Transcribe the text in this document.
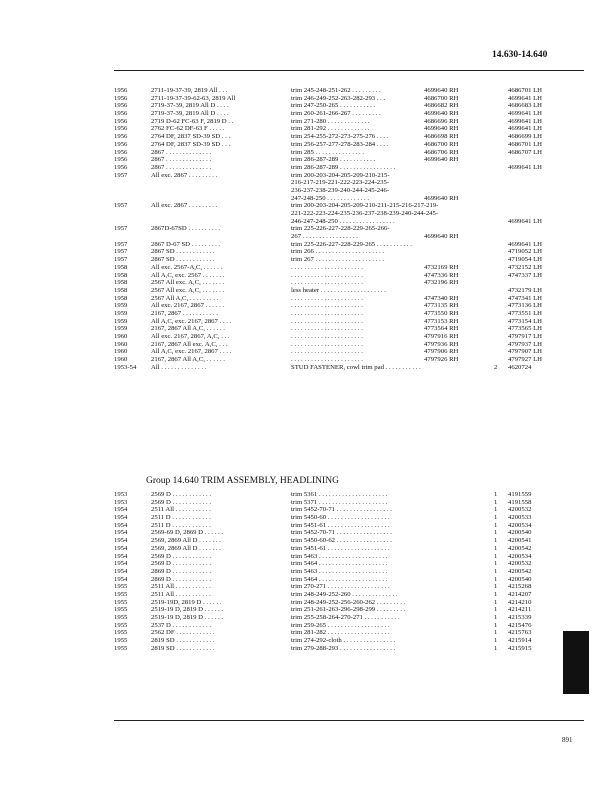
14.630-14.640
1956	2711-19-37-39, 2819 All . . .	trim 245-248-251-262 . . . . . . . . .	4699640 RH	4686701 LH
1956	2711-19-37-39-62-63, 2819 All	trim 246-249-252-263-282-293 . . .	4686700 RH	4699641 LH
1956	2719-37-39, 2819 All D . . . .	trim 247-250-265 . . . . . . . . . . .	4686682 RH	4686683 LH
1956	2719-37-39, 2819 All D . . . .	trim 260-261-266-267 . . . . . . . . .	4699640 RH	4699641 LH
1956	2719 D-62 FC-63 F, 2819 D . .	trim 271-280 . . . . . . . . . . . . .	4686696 RH	4699641 LH
1956	2762 FC-62 DF-63 F . . . . .	trim 281-292 . . . . . . . . . . . . .	4699640 RH	4699641 LH
1956	2764 DF, 2837 SD-39 SD . . .	trim 254-255-272-273-275-276 . . . .	4686698 RH	4686699 LH
1956	2764 DF, 2837 SD-39 SD . . .	trim 256-257-277-278-283-284 . . . .	4686700 RH	4686701 LH
1956	2867 . . . . . . . . . . . . . .	trim 285 . . . . . . . . . . . . . . .	4686706 RH	4686707 LH
1956	2867 . . . . . . . . . . . . . .	trim 286-287-289 . . . . . . . . . . .	4699640 RH
1956	2867 . . . . . . . . . . . . . .	trim 286-287-289 . . . . . . . . . . . . . . . . .	4699641 LH
1957	All exc. 2867 . . . . . . . . .	trim 200-203-204-205-209-210-215-
216-217-219-221-222-223-224-235-
236-237-238-239-240-244-245-246-
247-248-250 . . . . . . . . . . . . .	4699640 RH
1957	All exc. 2867 . . . . . . . . .	trim 200-203-204-205-209-210-211-215-216-217-219-
221-222-223-224-235-236-237-238-239-240-244-245-
246-247-248-250 . . . . . . . . . . . . . . . . .	4699641 LH
1957	2867D-67SD . . . . . . . . . .	trim 225-226-227-228-229-265-266-
267 . . . . . . . . . . . . . . . . .	4699640 RH
1957	2867 D-67 SD . . . . . . . . .	trim 225-226-227-228-229-265 . . . . . . . . . . .	4699641 LH
1957	2867 SD . . . . . . . . . . . .	trim 266 . . . . . . . . . . . . . . . . . . . . .	4719052 LH
1957	2867 SD . . . . . . . . . . . .	trim 267 . . . . . . . . . . . . . . . . . . . . .	4719054 LH
1958	All exc. 2567-A,C, . . . . . .	. . . . . . . . . . . . . . . . . . . . . .	4732169 RH	4732152 LH
1958	All A,C, exc. 2567 . . . . . . .	. . . . . . . . . . . . . . . . . . . . . .	4747336 RH	4747337 LH
1958	2567 All exc. A,C, . . . . . . .	. . . . . . . . . . . . . . . . . . . . . .	4732196 RH
1958	2567 All exc. A,C, . . . . . . .	less heater . . . . . . . . . . . . . . . . . . . .	4732179 LH
1958	2567 All A,C, . . . . . . . . .	. . . . . . . . . . . . . . . . . . . . . .	4747340 RH	4747341 LH
1959	All exc. 2167, 2867 . . . . . .	. . . . . . . . . . . . . . . . . . . . . .	4773135 RH	4773136 LH
1959	2167, 2867 . . . . . . . . . . .	. . . . . . . . . . . . . . . . . . . . . .	4773550 RH	4773551 LH
1959	All A,C, exc. 2167, 2867 . . . .	. . . . . . . . . . . . . . . . . . . . . .	4773153 RH	4773154 LH
1959	2167, 2867 All A,C, . . . . . .	. . . . . . . . . . . . . . . . . . . . . .	4773564 RH	4773565 LH
1960	All exc. 2167, 2867, A,C, . . .	. . . . . . . . . . . . . . . . . . . . . .	4797916 RH	4797917 LH
1960	2167, 2867 All exc. A,C, . . .	. . . . . . . . . . . . . . . . . . . . . .	4797936 RH	4797937 LH
1960	All A,C, exc. 2167, 2867 . . . .	. . . . . . . . . . . . . . . . . . . . . .	4797906 RH	4797907 LH
1960	2167, 2867 All A,C, . . . . . .	. . . . . . . . . . . . . . . . . . . . . .	4797926 RH	4797927 LH
1953-54 All . . . . . . . . . . . . . .	STUD FASTENER, cowl trim pad . . . . . . . . . . .	2 4620724
Group 14.640 TRIM ASSEMBLY, HEADLINING
1953	2569 D . . . . . . . . . . . .	trim 5361 . . . . . . . . . . . . . . . . . . . . .	1 4191559
1953	2569 D . . . . . . . . . . . .	trim 5371 . . . . . . . . . . . . . . . . . . . . .	1 4191558
1954	2511 All . . . . . . . . . . .	trim 5452-70-71 . . . . . . . . . . . . . . . . .	1 4200532
1954	2511 D . . . . . . . . . . . .	trim 5450-60 . . . . . . . . . . . . . . . . . . .	1 4200533
1954	2511 D . . . . . . . . . . . .	trim 5451-61 . . . . . . . . . . . . . . . . . . .	1 4200534
1954	2569-69 D, 2869 D . . . . . .	trim 5452-70-71 . . . . . . . . . . . . . . . . .	1 4200540
1954	2569, 2869 All D . . . . . . .	trim 5450-60-62 . . . . . . . . . . . . . . . . .	1 4200541
1954	2569, 2869 All D . . . . . . .	trim 5451-61 . . . . . . . . . . . . . . . . . . .	1 4200542
1954	2569 D . . . . . . . . . . . .	trim 5463 . . . . . . . . . . . . . . . . . . . . .	1 4200534
1954	2569 D . . . . . . . . . . . .	trim 5464 . . . . . . . . . . . . . . . . . . . . .	1 4200532
1954	2869 D . . . . . . . . . . . .	trim 5463 . . . . . . . . . . . . . . . . . . . . .	1 4200542
1954	2869 D . . . . . . . . . . . .	trim 5464 . . . . . . . . . . . . . . . . . . . . .	1 4200540
1955	2511 All . . . . . . . . . . .	trim 270-271 . . . . . . . . . . . . . . . . . . .	1 4215268
1955	2511 All . . . . . . . . . . .	trim 248-249-252-260 . . . . . . . . . . . . . .	1 4214207
1955	2519-19D, 2819 D . . . . . .	trim 248-249-252-256-260-262 . . . . . . . . .	1 4214210
1955	2519-19 D, 2819 D . . . . . .	trim 251-261-263-296-298-299 . . . . . . . . .	1 4214211
1955	2519-19 D, 2819 D . . . . . .	trim 255-258-264-270-271 . . . . . . . . . . .	1 4215339
1955	2537 D . . . . . . . . . . . .	trim 259-265 . . . . . . . . . . . . . . . . . . .	1 4215476
1955	2562 DF . . . . . . . . . . . .	trim 281-282 . . . . . . . . . . . . . . . . . . .	1 4215763
1955	2819 SD . . . . . . . . . . . .	trim 274-292-cloth . . . . . . . . . . . . . . . .	1 4215914
1955	2819 SD . . . . . . . . . . . .	trim 279-288-293 . . . . . . . . . . . . . . . . .	1 4215915
891
